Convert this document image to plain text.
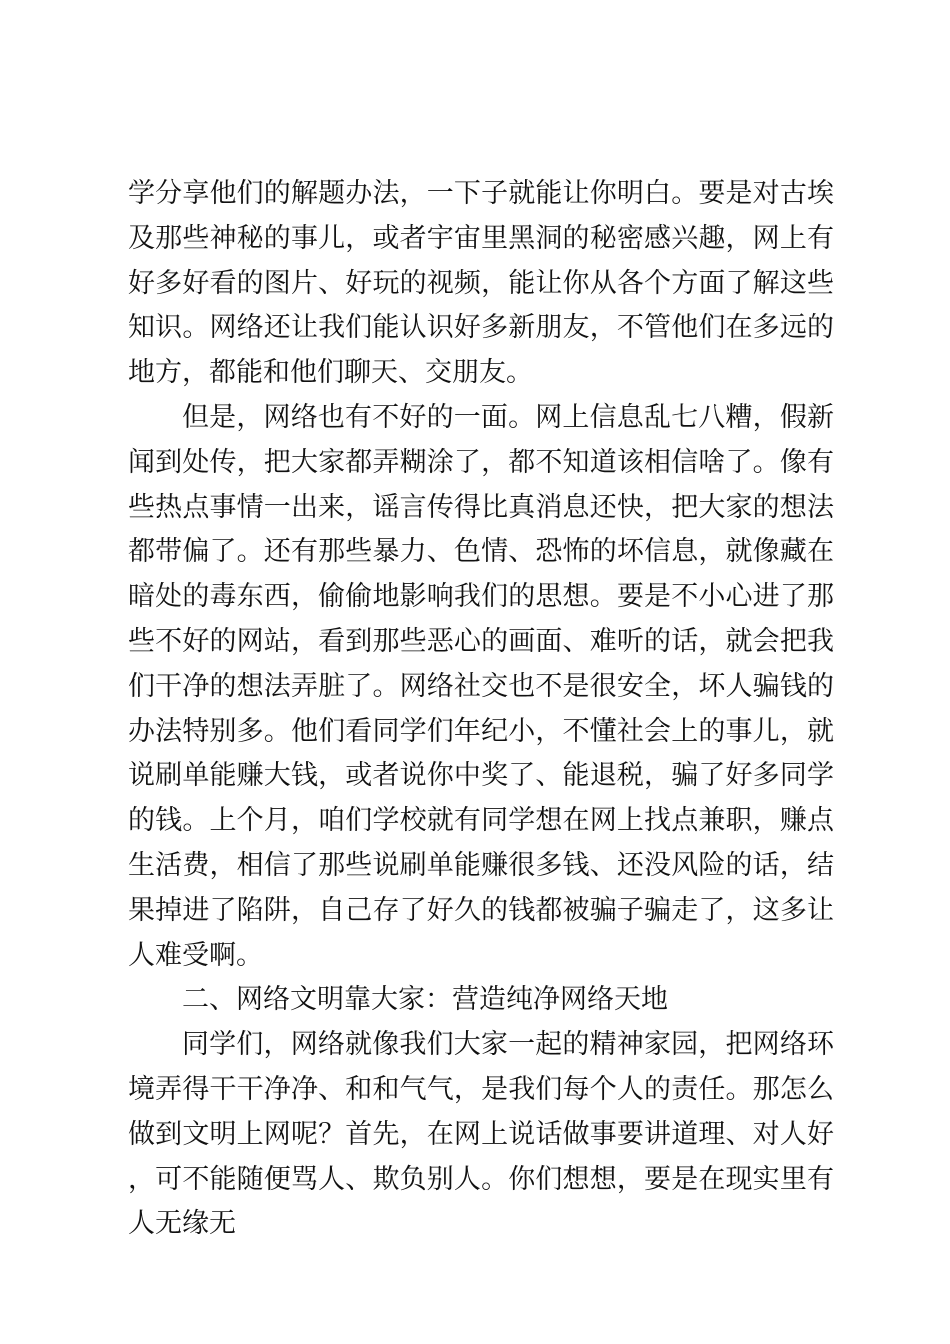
学分享他们的解题办法，一下子就能让你明白。要是对古埃及那些神秘的事儿，或者宇宙里黑洞的秘密感兴趣，网上有好多好看的图片、好玩的视频，能让你从各个方面了解这些知识。网络还让我们能认识好多新朋友，不管他们在多远的地方，都能和他们聊天、交朋友。

但是，网络也有不好的一面。网上信息乱七八糟，假新闻到处传，把大家都弄糊涂了，都不知道该相信啥了。像有些热点事情一出来，谣言传得比真消息还快，把大家的想法都带偏了。还有那些暴力、色情、恐怖的坏信息，就像藏在暗处的毒东西，偷偷地影响我们的思想。要是不小心进了那些不好的网站，看到那些恶心的画面、难听的话，就会把我们干净的想法弄脏了。网络社交也不是很安全，坏人骗钱的办法特别多。他们看同学们年纪小，不懂社会上的事儿，就说刷单能赚大钱，或者说你中奖了、能退税，骗了好多同学的钱。上个月，咱们学校就有同学想在网上找点兼职，赚点生活费，相信了那些说刷单能赚很多钱、还没风险的话，结果掉进了陷阱，自己存了好久的钱都被骗子骗走了，这多让人难受啊。

二、网络文明靠大家：营造纯净网络天地

同学们，网络就像我们大家一起的精神家园，把网络环境弄得干干净净、和和气气，是我们每个人的责任。那怎么做到文明上网呢？首先，在网上说话做事要讲道理、对人好，可不能随便骂人、欺负别人。你们想想，要是在现实里有人无缘无
